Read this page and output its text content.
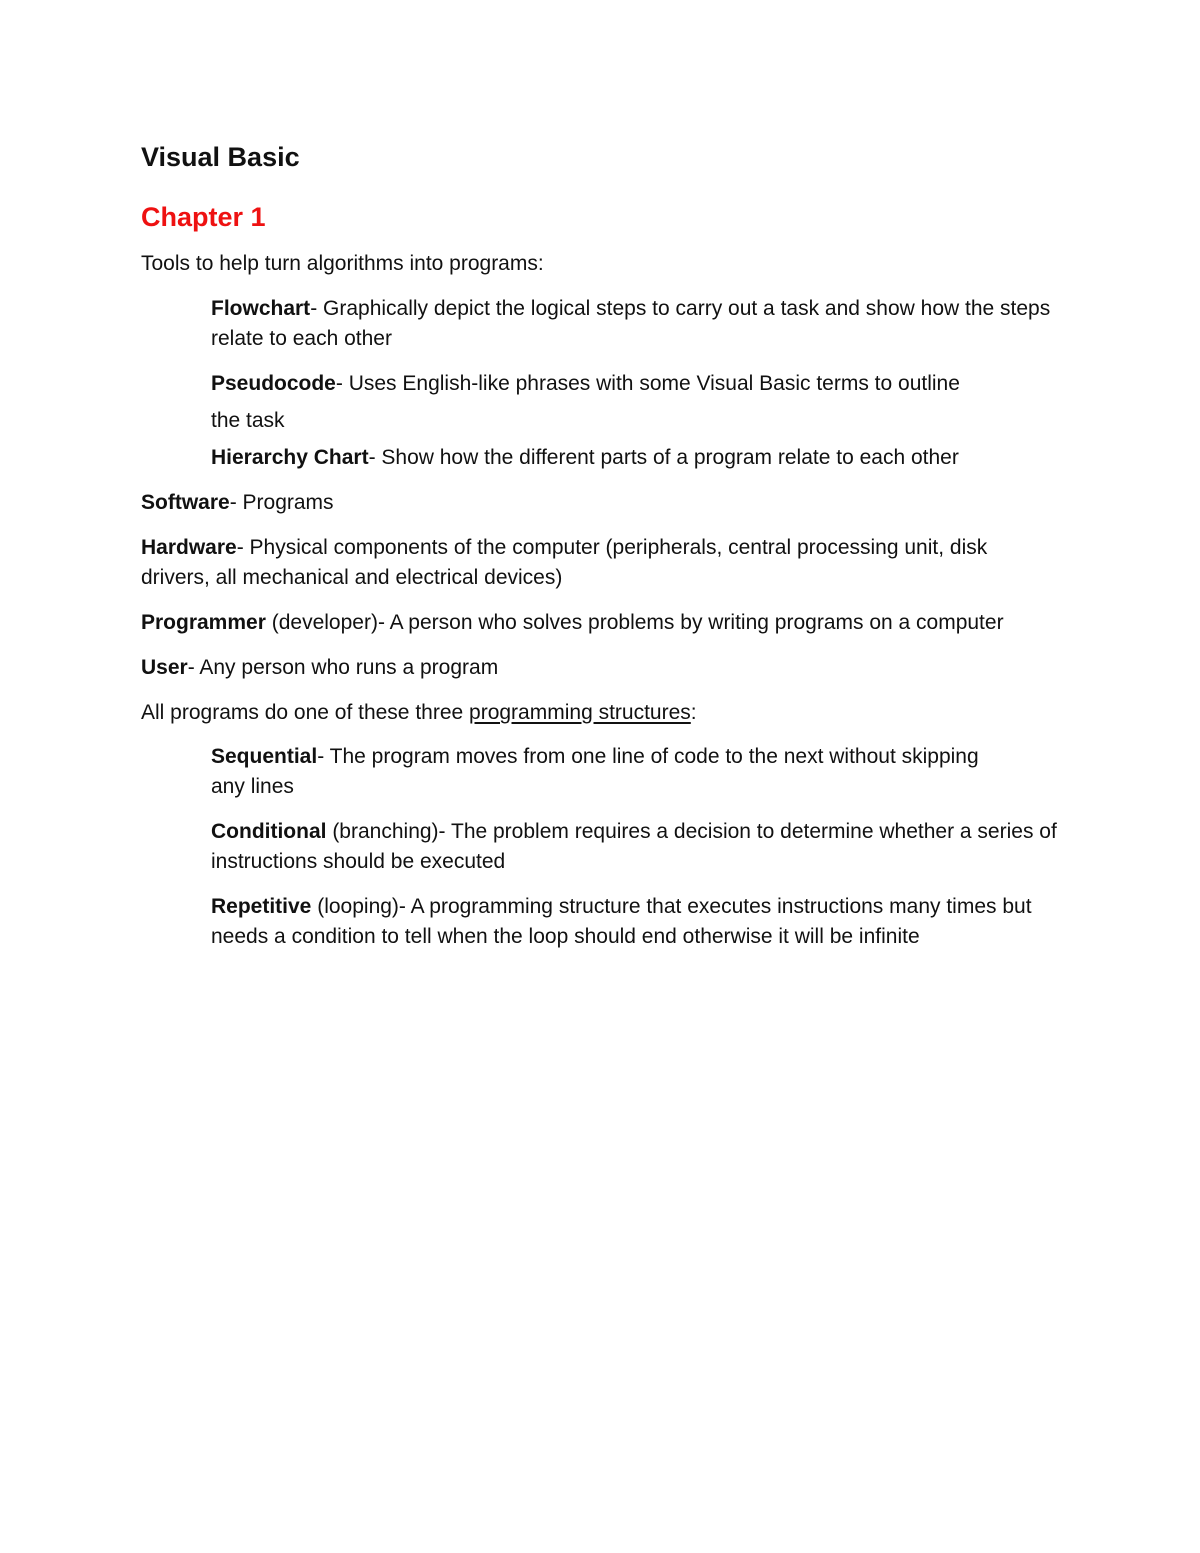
Visual Basic
Chapter 1

Tools to help turn algorithms into programs:

Flowchart- Graphically depict the logical steps to carry out a task and show how the steps relate to each other

Pseudocode- Uses English-like phrases with some Visual Basic terms to outline

the task

Hierarchy Chart- Show how the different parts of a program relate to each other

Software- Programs

Hardware- Physical components of the computer (peripherals, central processing unit, disk drivers, all mechanical and electrical devices)

Programmer (developer)- A person who solves problems by writing programs on a computer

User- Any person who runs a program

All programs do one of these three programming structures:

Sequential- The program moves from one line of code to the next without skipping any lines

Conditional (branching)- The problem requires a decision to determine whether a series of instructions should be executed

Repetitive (looping)- A programming structure that executes instructions many times but needs a condition to tell when the loop should end otherwise it will be infinite
